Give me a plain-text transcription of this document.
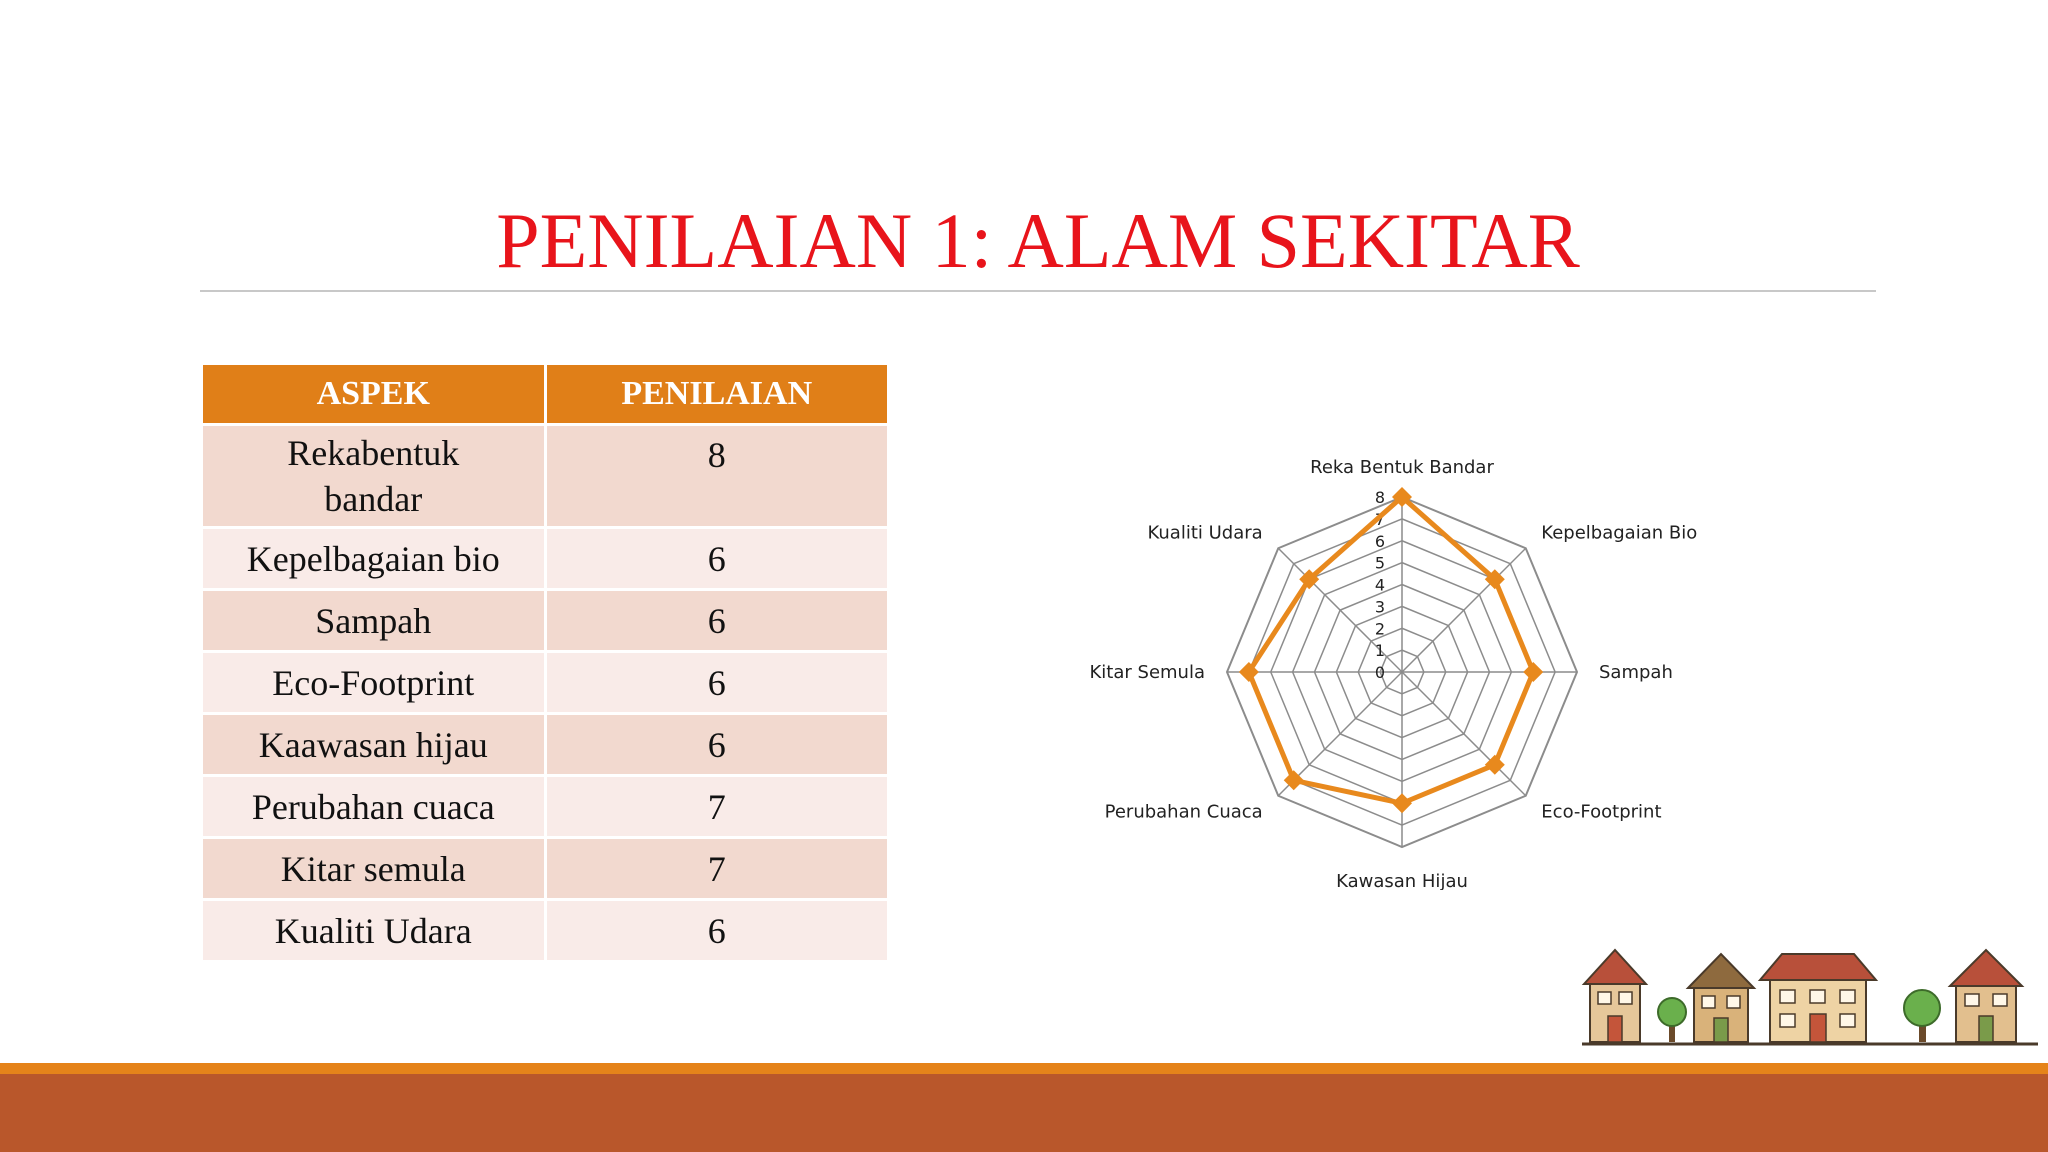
PENILAIAN 1: ALAM SEKITAR
ASPEK	PENILAIAN
Rekabentuk bandar	8
Kepelbagaian bio	6
Sampah	6
Eco-Footprint	6
Kaawasan hijau	6
Perubahan cuaca	7
Kitar semula	7
Kualiti Udara	6
0
1
2
3
4
5
6
7
8
Reka Bentuk Bandar
Kepelbagaian Bio
Sampah
Eco-Footprint
Kawasan Hijau
Perubahan Cuaca
Kitar Semula
Kualiti Udara
